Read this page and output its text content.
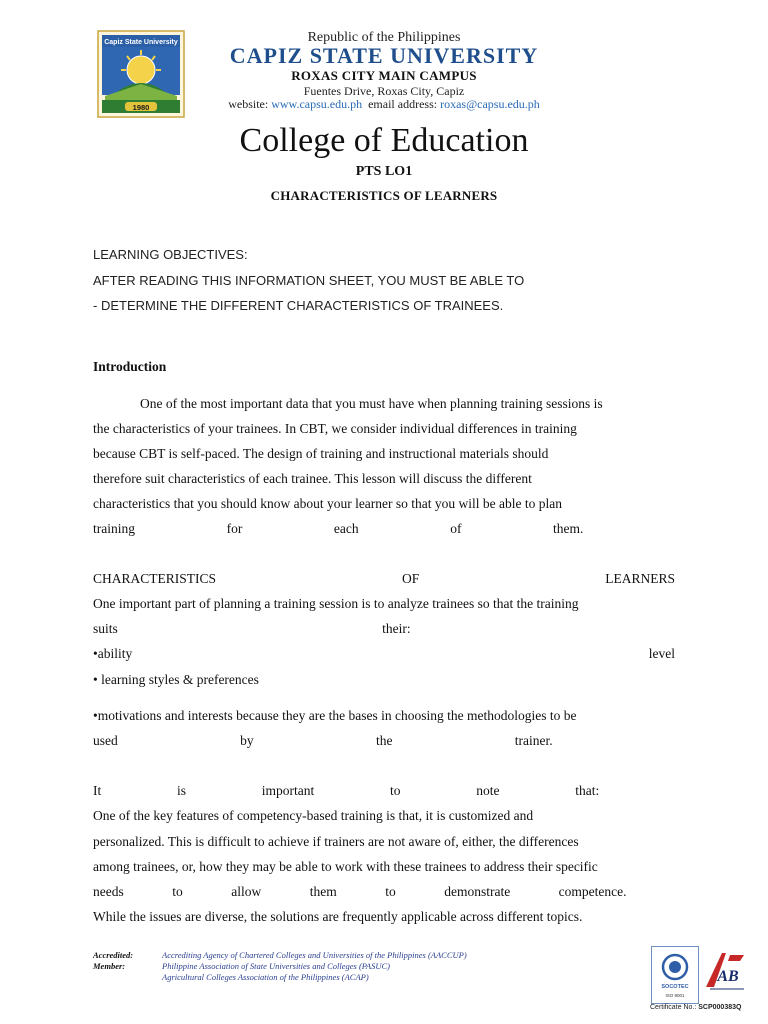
Capiz State University
1980
Republic of the Philippines
CAPIZ STATE UNIVERSITY
ROXAS CITY MAIN CAMPUS
Fuentes Drive, Roxas City, Capiz
website: www.capsu.edu.ph email address: roxas@capsu.edu.ph
College of Education
PTS LO1
CHARACTERISTICS OF LEARNERS
LEARNING OBJECTIVES:
AFTER READING THIS INFORMATION SHEET, YOU MUST BE ABLE TO
- DETERMINE THE DIFFERENT CHARACTERISTICS OF TRAINEES.
Introduction
One of the most important data that you must have when planning training sessions is
the characteristics of your trainees. In CBT, we consider individual differences in training
because CBT is self-paced. The design of training and instructional materials should
therefore suit characteristics of each trainee. This lesson will discuss the different
characteristics that you should know about your learner so that you will be able to plan
training	for	each	of	them.
CHARACTERISTICS	OF	LEARNERS
One important part of planning a training session is to analyze trainees so that the training
suits	their:
•ability	level
• learning styles & preferences
•motivations and interests because they are the bases in choosing the methodologies to be
used	by	the	trainer.
It	is	important	to	note	that:
One of the key features of competency-based training is that, it is customized and
personalized. This is difficult to achieve if trainers are not aware of, either, the differences
among trainees, or, how they may be able to work with these trainees to address their specific
needs	to	allow	them	to	demonstrate	competence.
While the issues are diverse, the solutions are frequently applicable across different topics.
Accredited:	Accrediting Agency of Chartered Colleges and Universities of the Philippines (AACCUP)
Member:	Philippine Association of State Universities and Colleges (PASUC)
Agricultural Colleges Association of the Philippines (ACAP)
SOCOTEC
ISO 9001
AB
Certificate No.: SCP000383Q
